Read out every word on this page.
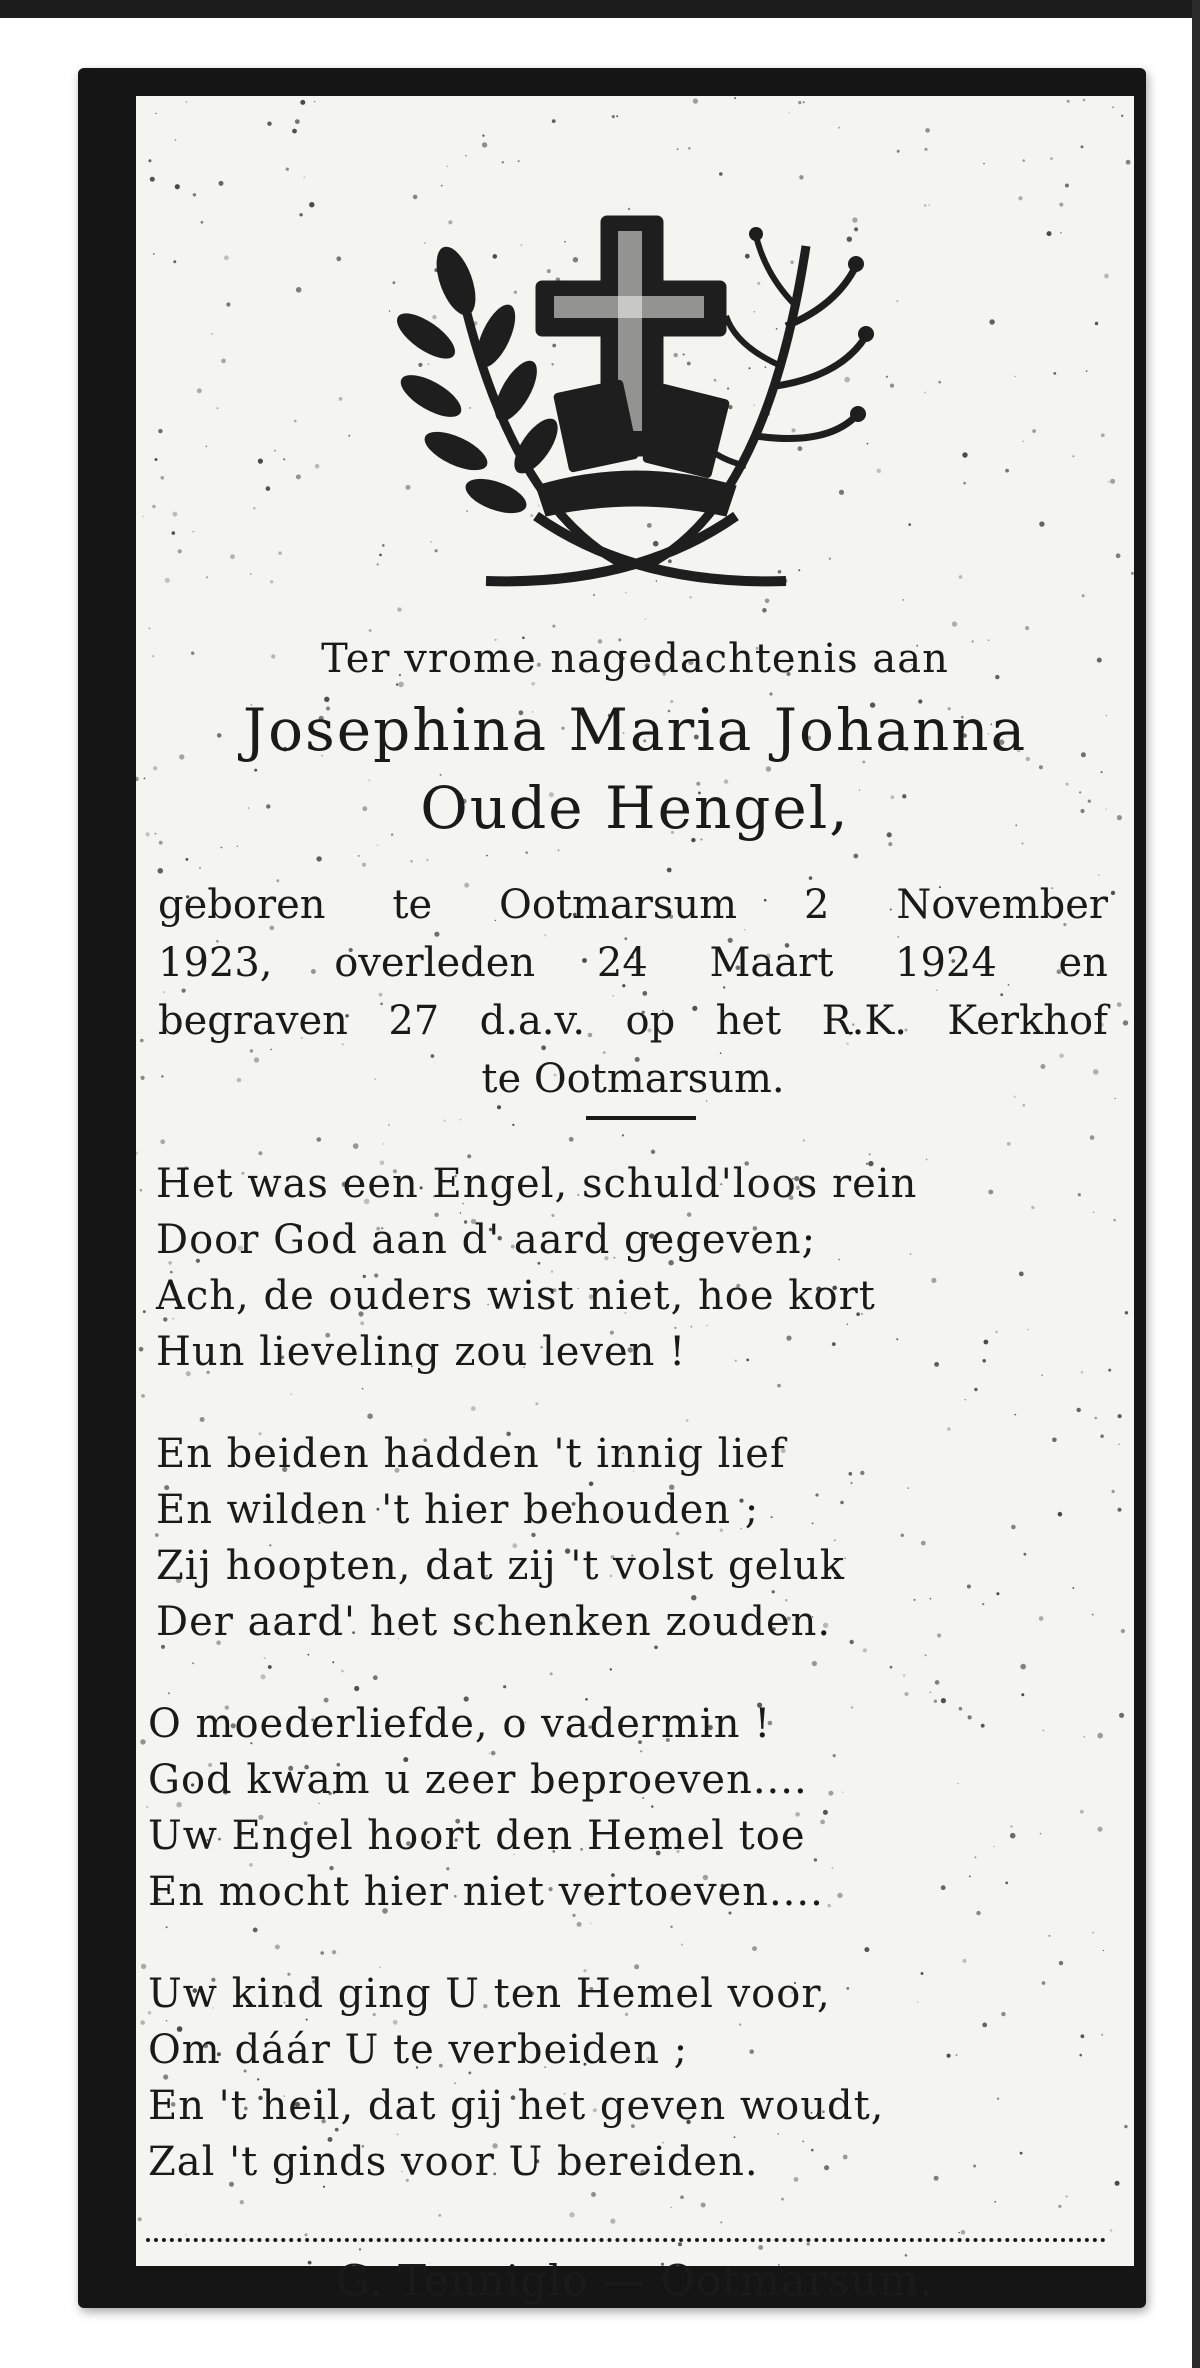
Ter vrome nagedachtenis aan
Josephina Maria Johanna
Oude Hengel,
geboren te Ootmarsum 2 November
1923, overleden 24 Maart 1924 en
begraven 27 d.a.v. op het R.K. Kerkhof
te
Ootmarsum.
Het was een Engel, schuld'loos rein
Door God aan d' aard gegeven;
Ach, de ouders wist niet, hoe kort
Hun lieveling zou leven !
En beiden hadden 't innig lief
En wilden 't hier behouden ;
Zij hoopten, dat zij 't volst geluk
Der aard' het schenken zouden.
O moederliefde, o vadermin !
God kwam u zeer beproeven....
Uw Engel hoort den Hemel toe
En mocht hier niet vertoeven....
Uw kind ging U ten Hemel voor,
Om dáár U te verbeiden ;
En 't heil, dat gij het geven woudt,
Zal 't ginds voor U bereiden.
G. Tenniglo — Ootmarsum.
